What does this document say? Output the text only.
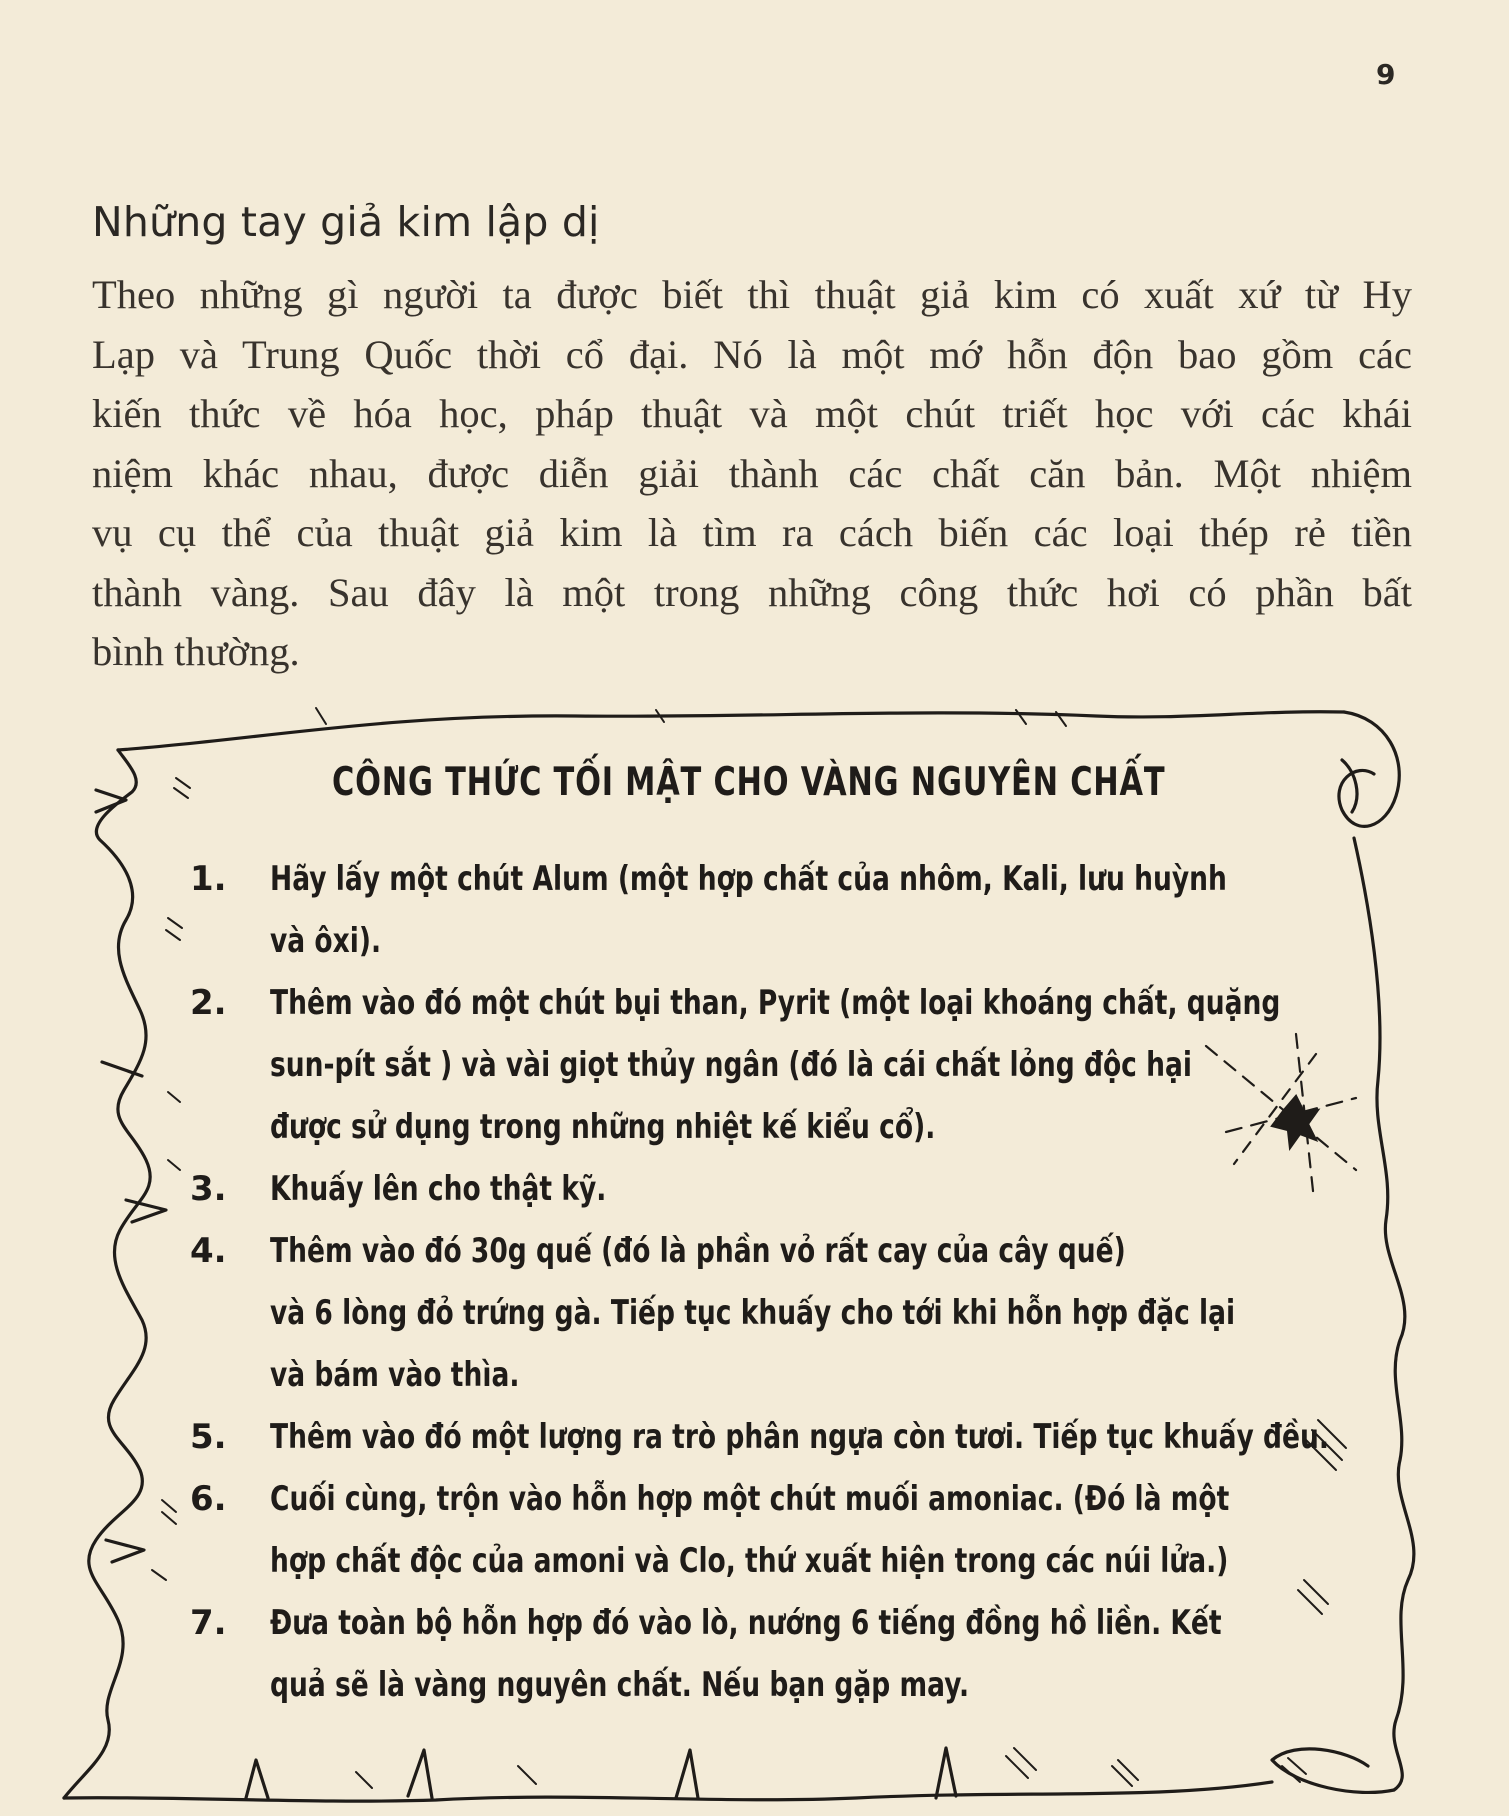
9
Những tay giả kim lập dị

Theo những gì người ta được biết thì thuật giả kim có xuất xứ từ Hy
Lạp và Trung Quốc thời cổ đại. Nó là một mớ hỗn độn bao gồm các
kiến thức về hóa học, pháp thuật và một chút triết học với các khái
niệm khác nhau, được diễn giải thành các chất căn bản. Một nhiệm
vụ cụ thể của thuật giả kim là tìm ra cách biến các loại thép rẻ tiền
thành vàng. Sau đây là một trong những công thức hơi có phần bất
bình thường.

CÔNG THỨC TỐI MẬT CHO VÀNG NGUYÊN CHẤT
1.	Hãy lấy một chút Alum (một hợp chất của nhôm, Kali, lưu huỳnh
và ôxi).
2.	Thêm vào đó một chút bụi than, Pyrit (một loại khoáng chất, quặng
sun-pít sắt ) và vài giọt thủy ngân (đó là cái chất lỏng độc hại
được sử dụng trong những nhiệt kế kiểu cổ).
3.	Khuấy lên cho thật kỹ.
4.	Thêm vào đó 30g quế (đó là phần vỏ rất cay của cây quế)
và 6 lòng đỏ trứng gà. Tiếp tục khuấy cho tới khi hỗn hợp đặc lại
và bám vào thìa.
5.	Thêm vào đó một lượng ra trò phân ngựa còn tươi. Tiếp tục khuấy đều.
6.	Cuối cùng, trộn vào hỗn hợp một chút muối amoniac. (Đó là một
hợp chất độc của amoni và Clo, thứ xuất hiện trong các núi lửa.)
7.	Đưa toàn bộ hỗn hợp đó vào lò, nướng 6 tiếng đồng hồ liền. Kết
quả sẽ là vàng nguyên chất. Nếu bạn gặp may.
